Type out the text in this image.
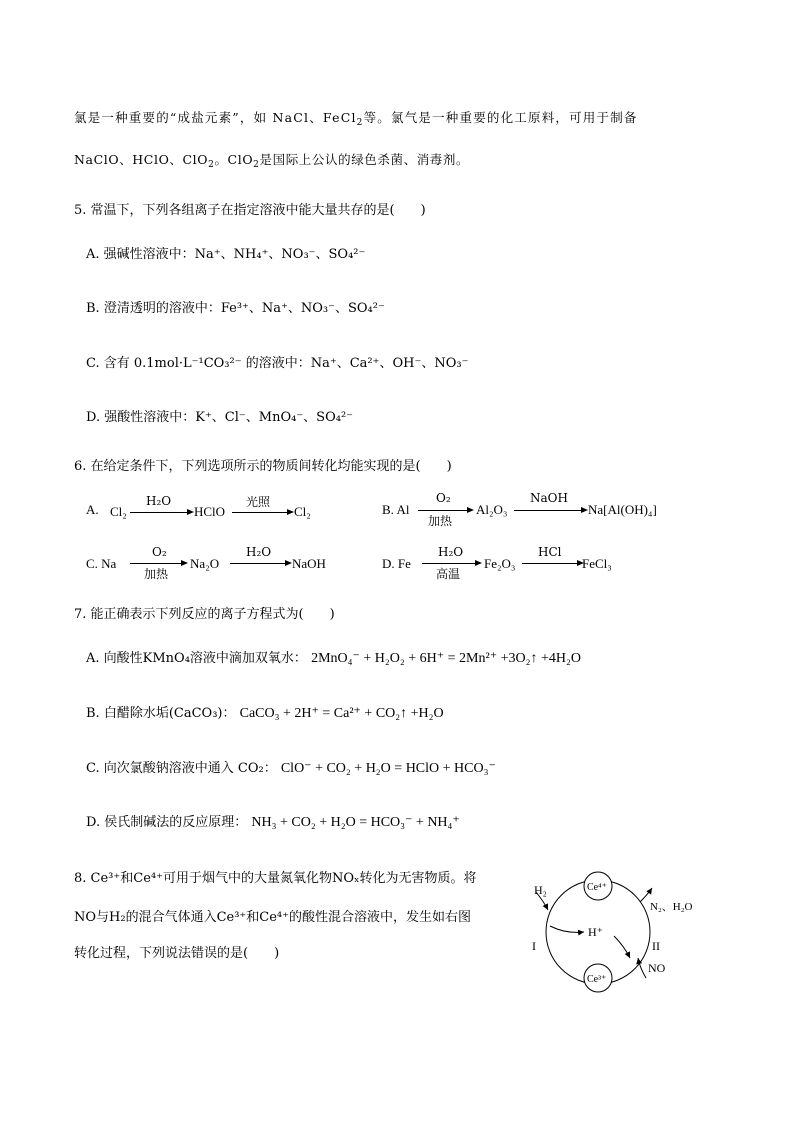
氯是一种重要的“成盐元素”，如 NaCl、FeCl$_2$等。氯气是一种重要的化工原料，可用于制备
NaClO、HClO、ClO$_2$。ClO$_2$是国际上公认的绿色杀菌、消毒剂。
5. 常温下，下列各组离子在指定溶液中能大量共存的是(　　)
A. 强碱性溶液中：Na⁺、NH₄⁺、NO₃⁻、SO₄²⁻
B. 澄清透明的溶液中：Fe³⁺、Na⁺、NO₃⁻、SO₄²⁻
C. 含有 0.1mol·L⁻¹CO₃²⁻ 的溶液中：Na⁺、Ca²⁺、OH⁻、NO₃⁻
D. 强酸性溶液中：K⁺、Cl⁻、MnO₄⁻、SO₄²⁻
6. 在给定条件下，下列选项所示的物质间转化均能实现的是(　　)
A. Cl₂
H₂O
HClO
光照
Cl₂	B. Al
O₂
加热
Al₂O₃
NaOH
Na[Al(OH)₄]
C. Na
O₂
加热
Na₂O
H₂O
NaOH	D. Fe
H₂O
高温
Fe₂O₃
HCl
FeCl₃
7. 能正确表示下列反应的离子方程式为(　　)
A. 向酸性KMnO₄溶液中滴加双氧水： 2MnO₄⁻ + H₂O₂ + 6H⁺ = 2Mn²⁺ +3O₂↑ +4H₂O
B. 白醋除水垢(CaCO₃)： CaCO₃ + 2H⁺ = Ca²⁺ + CO₂↑ +H₂O
C. 向次氯酸钠溶液中通入 CO₂： ClO⁻ + CO₂ + H₂O = HClO + HCO₃⁻
D. 侯氏制碱法的反应原理： NH₃ + CO₂ + H₂O = HCO₃⁻ + NH₄⁺
8. Ce³⁺和Ce⁴⁺可用于烟气中的大量氮氧化物NOₓ转化为无害物质。将
NO与H₂的混合气体通入Ce³⁺和Ce⁴⁺的酸性混合溶液中，发生如右图
转化过程，下列说法错误的是(　　)
Ce⁴⁺
Ce³⁺
H₂
H⁺
N₂、H₂O
NO
I	II
